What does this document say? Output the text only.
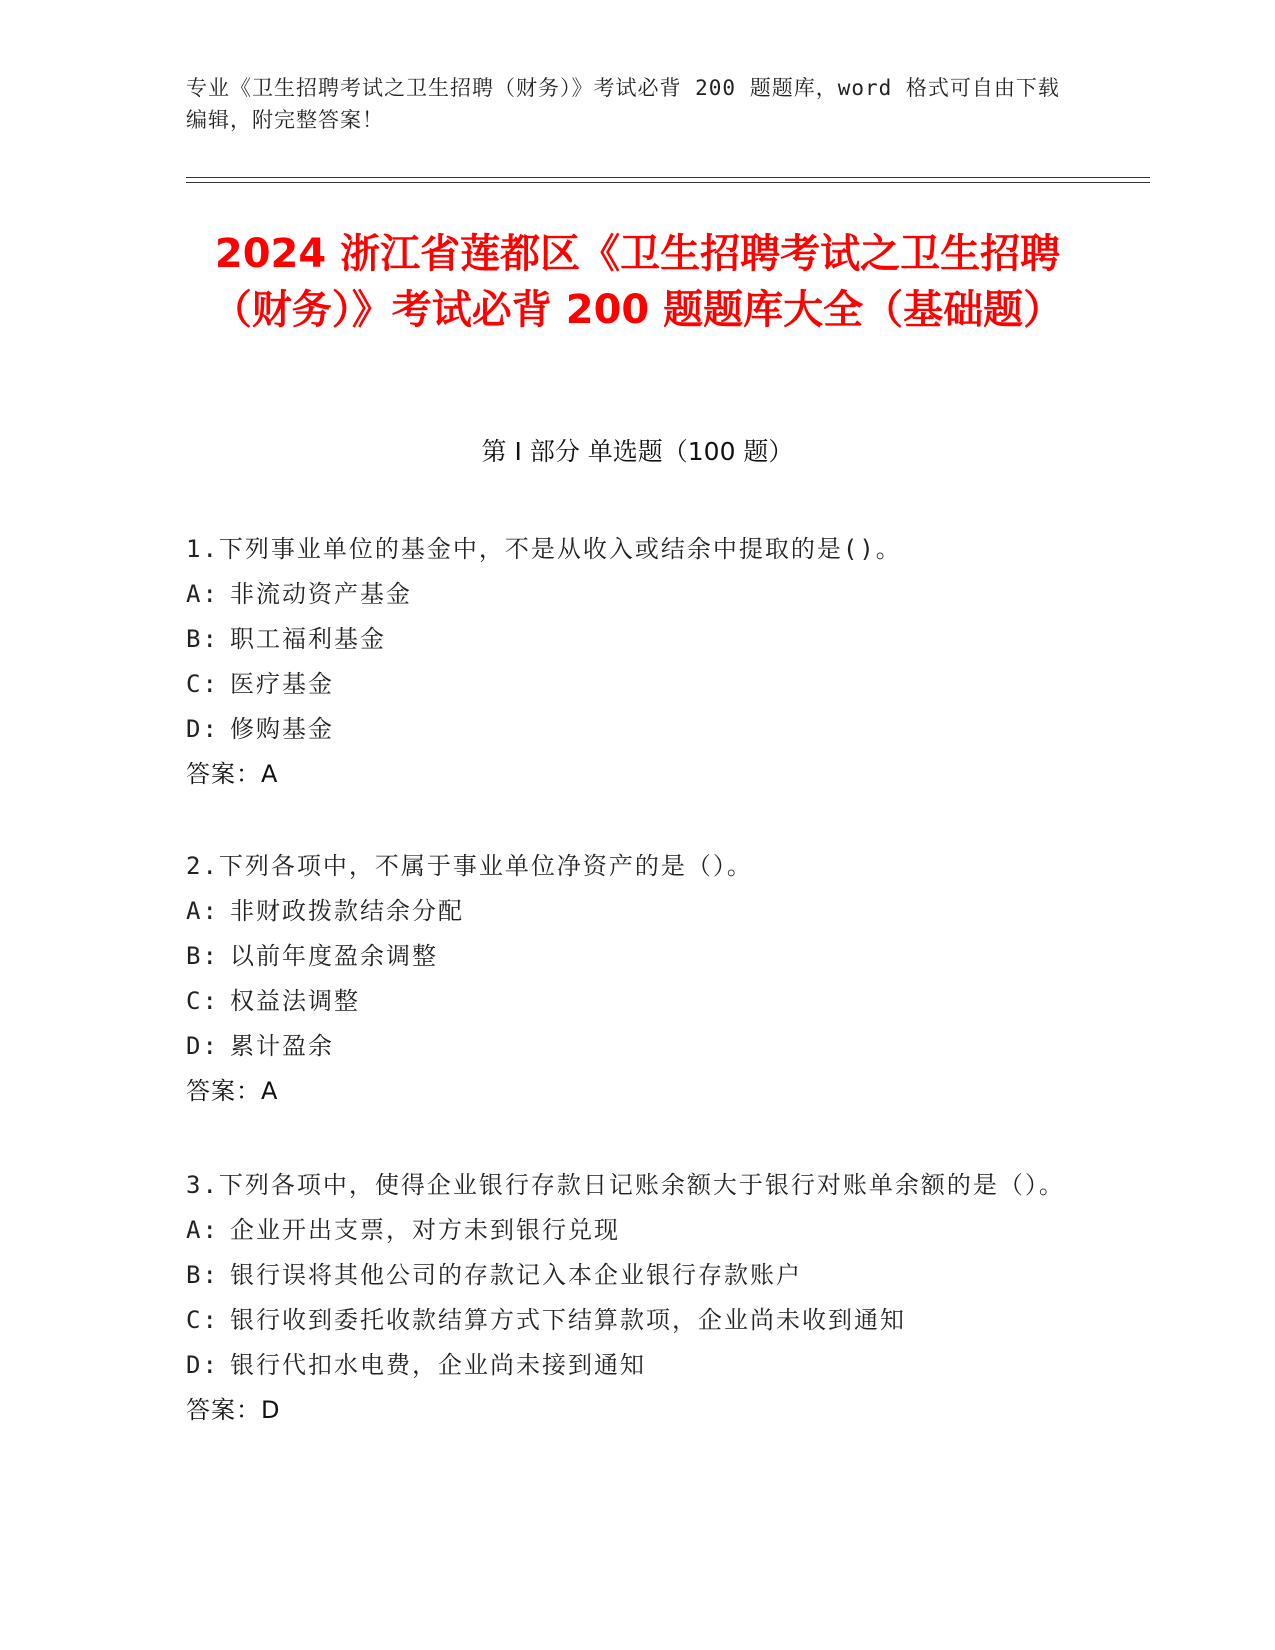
专业《卫生招聘考试之卫生招聘（财务）》考试必背 200 题题库，word 格式可自由下载编辑，附完整答案！
2024 浙江省莲都区《卫生招聘考试之卫生招聘（财务）》考试必背 200 题题库大全（基础题）
第 I 部分 单选题（100 题）
1.下列事业单位的基金中，不是从收入或结余中提取的是()。
A: 非流动资产基金
B: 职工福利基金
C: 医疗基金
D: 修购基金
答案：A
2.下列各项中，不属于事业单位净资产的是（）。
A: 非财政拨款结余分配
B: 以前年度盈余调整
C: 权益法调整
D: 累计盈余
答案：A
3.下列各项中，使得企业银行存款日记账余额大于银行对账单余额的是（）。
A: 企业开出支票，对方未到银行兑现
B: 银行误将其他公司的存款记入本企业银行存款账户
C: 银行收到委托收款结算方式下结算款项，企业尚未收到通知
D: 银行代扣水电费，企业尚未接到通知
答案：D
